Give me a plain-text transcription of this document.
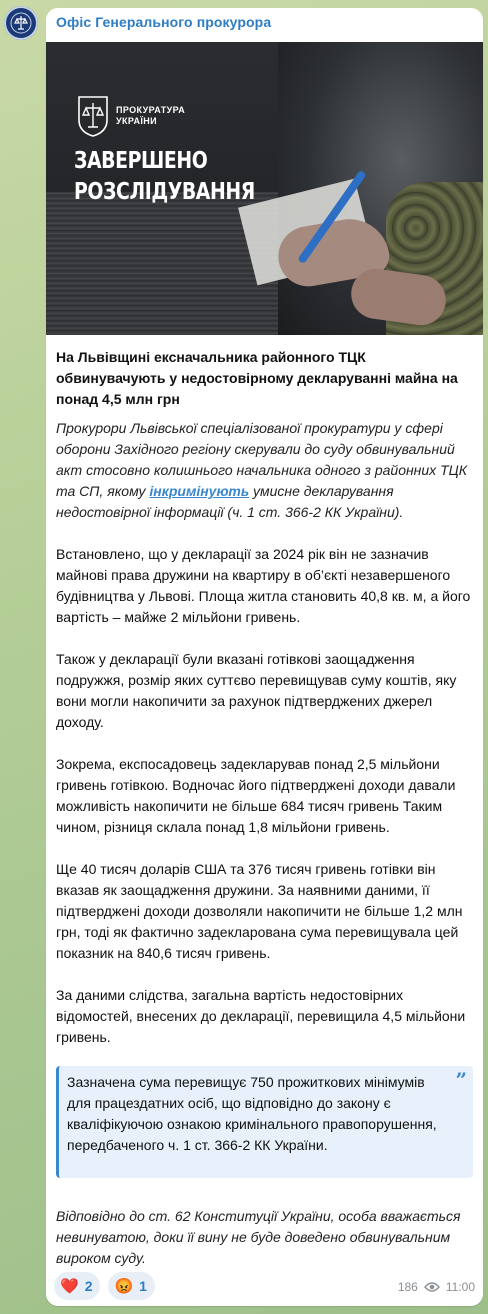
Офіс Генерального прокурора
ПРОКУРАТУРА
УКРАЇНИ
ЗАВЕРШЕНО
РОЗСЛІДУВАННЯ
На Львівщині ексначальника районного ТЦК обвинувачують у недостовірному декларуванні майна на понад 4,5 млн грн
Прокурори Львівської спеціалізованої прокуратури у сфері оборони Західного регіону скерували до суду обвинувальний акт стосовно колишнього начальника одного з районних ТЦК та СП, якому інкримінують умисне декларування недостовірної інформації (ч. 1 ст. 366-2 КК України).
Встановлено, що у декларації за 2024 рік він не зазначив майнові права дружини на квартиру в об’єкті незавершеного будівництва у Львові. Площа житла становить 40,8 кв. м, а його вартість – майже 2 мільйони гривень.
Також у декларації були вказані готівкові заощадження подружжя, розмір яких суттєво перевищував суму коштів, яку вони могли накопичити за рахунок підтверджених джерел доходу.
Зокрема, експосадовець задекларував понад 2,5 мільйони гривень готівкою. Водночас його підтверджені доходи давали можливість накопичити не більше 684 тисяч гривень Таким чином, різниця склала понад 1,8 мільйони гривень.
Ще 40 тисяч доларів США та 376 тисяч гривень готівки він вказав як заощадження дружини. За наявними даними, її підтверджені доходи дозволяли накопичити не більше 1,2 млн грн, тоді як фактично задекларована сума перевищувала цей показник на 840,6 тисяч гривень.
За даними слідства, загальна вартість недостовірних відомостей, внесених до декларації, перевищила 4,5 мільйони гривень.
Зазначена сума перевищує 750 прожиткових мінімумів для працездатних осіб, що відповідно до закону є кваліфікуючою ознакою кримінального правопорушення, передбаченого ч. 1 ст. 366-2 КК України.
”
Відповідно до ст. 62 Конституції України, особа вважається невинуватою, доки її вину не буде доведено обвинувальним вироком суду.
❤️ 2 😡 1	186 11:00
